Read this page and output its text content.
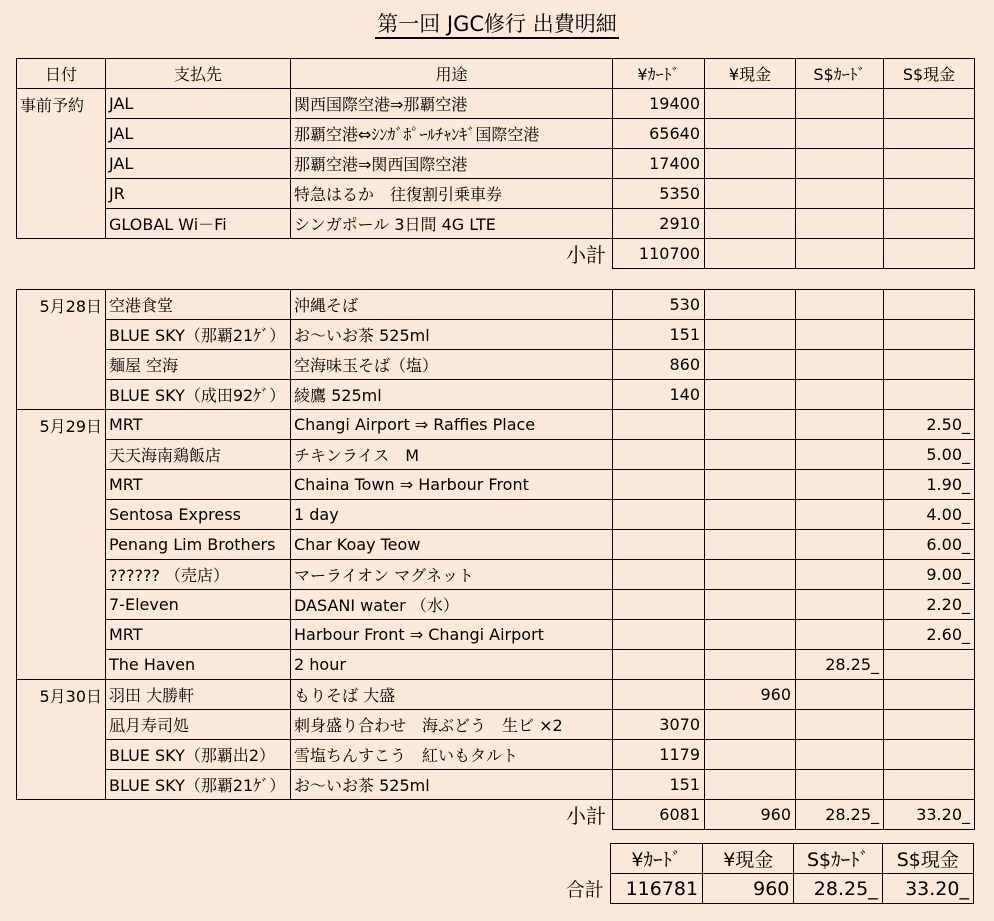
第一回 JGC修行 出費明細
日付	支払先	用途	¥ｶｰﾄﾞ	¥現金	S$ｶｰﾄﾞ	S$現金
事前予約	JAL	関西国際空港⇒那覇空港	19400			
	JAL	那覇空港⇔ｼﾝｶﾞﾎﾟｰﾙﾁｬﾝｷﾞ国際空港	65640			
	JAL	那覇空港⇒関西国際空港	17400			
	JR	特急はるか　往復割引乗車券	5350			
	GLOBAL Wi－Fi	シンガポール 3日間 4G LTE	2910			
小計			110700			
5月28日	空港食堂	沖縄そば	530			
	BLUE SKY（那覇21ｹﾞ）	お～いお茶 525ml	151			
	麺屋 空海	空海味玉そば（塩）	860			
	BLUE SKY（成田92ｹﾞ）	綾鷹 525ml	140			
5月29日	MRT	Changi Airport ⇒ Raffies Place				2.50_
	天天海南鶏飯店	チキンライス　M				5.00_
	MRT	Chaina Town ⇒ Harbour Front				1.90_
	Sentosa Express	1 day				4.00_
	Penang Lim Brothers	Char Koay Teow				6.00_
	?????? （売店）	マーライオン マグネット				9.00_
	7-Eleven	DASANI water （水）				2.20_
	MRT	Harbour Front ⇒ Changi Airport				2.60_
	The Haven	2 hour			28.25_	
5月30日	羽田 大勝軒	もりそば 大盛		960		
	凪月寿司処	刺身盛り合わせ　海ぶどう　生ビ ×2	3070			
	BLUE SKY（那覇出2）	雪塩ちんすこう　紅いもタルト	1179			
	BLUE SKY（那覇21ｹﾞ）	お～いお茶 525ml	151			
小計			6081	960	28.25_	33.20_
	¥ｶｰﾄﾞ	¥現金	S$ｶｰﾄﾞ	S$現金
合計	116781	960	28.25_	33.20_
